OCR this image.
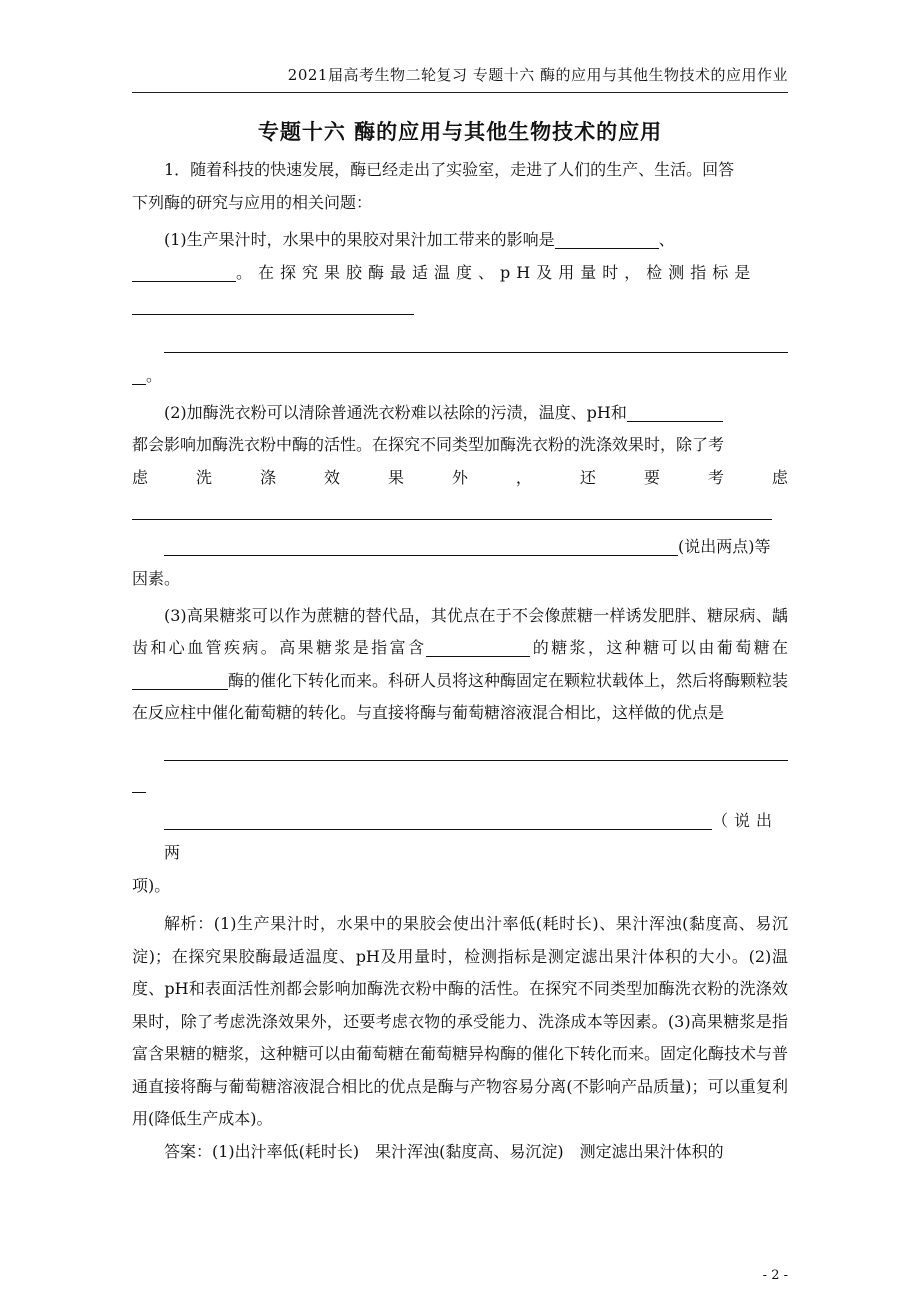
2021届高考生物二轮复习 专题十六 酶的应用与其他生物技术的应用作业
专题十六 酶的应用与其他生物技术的应用
1．随着科技的快速发展，酶已经走出了实验室，走进了人们的生产、生活。回答
下列酶的研究与应用的相关问题：
(1)生产果汁时，水果中的果胶对果汁加工带来的影响是	、
。在探究果胶酶最适温度、pH及用量时，检测指标是
。
(2)加酶洗衣粉可以清除普通洗衣粉难以祛除的污渍，温度、pH和
都会影响加酶洗衣粉中酶的活性。在探究不同类型加酶洗衣粉的洗涤效果时，除了考
虑	洗	涤	效	果	外	，	还	要	考	虑
(说出两点)等
因素。
(3)高果糖浆可以作为蔗糖的替代品，其优点在于不会像蔗糖一样诱发肥胖、糖尿病、龋齿和心血管疾病。高果糖浆是指富含	的糖浆，这种糖可以由葡萄糖在酶的催化下转化而来。科研人员将这种酶固定在颗粒状载体上，然后将酶颗粒装在反应柱中催化葡萄糖的转化。与直接将酶与葡萄糖溶液混合相比，这样做的优点是
（说出两
项)。
解析：(1)生产果汁时，水果中的果胶会使出汁率低(耗时长)、果汁浑浊(黏度高、易沉淀)；在探究果胶酶最适温度、pH及用量时，检测指标是测定滤出果汁体积的大小。(2)温度、pH和表面活性剂都会影响加酶洗衣粉中酶的活性。在探究不同类型加酶洗衣粉的洗涤效果时，除了考虑洗涤效果外，还要考虑衣物的承受能力、洗涤成本等因素。(3)高果糖浆是指富含果糖的糖浆，这种糖可以由葡萄糖在葡萄糖异构酶的催化下转化而来。固定化酶技术与普通直接将酶与葡萄糖溶液混合相比的优点是酶与产物容易分离(不影响产品质量)；可以重复利用(降低生产成本)。
答案：(1)出汁率低(耗时长)　果汁浑浊(黏度高、易沉淀)　测定滤出果汁体积的
- 2 -
